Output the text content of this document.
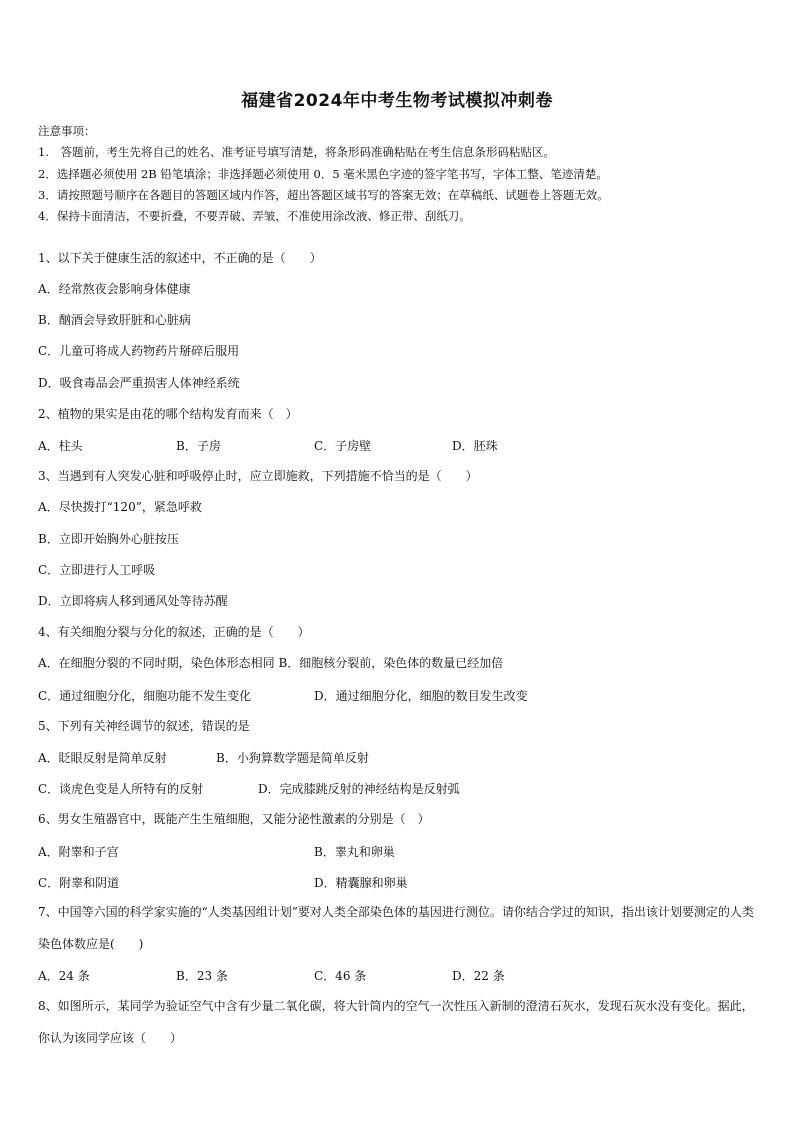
福建省2024年中考生物考试模拟冲刺卷
注意事项：
1.　答题前，考生先将自己的姓名、准考证号填写清楚，将条形码准确粘贴在考生信息条形码粘贴区。
2．选择题必须使用 2B 铅笔填涂；非选择题必须使用 0．5 毫米黑色字迹的签字笔书写，字体工整、笔迹清楚。
3．请按照题号顺序在各题目的答题区域内作答，超出答题区域书写的答案无效；在草稿纸、试题卷上答题无效。
4．保持卡面清洁，不要折叠，不要弄破、弄皱，不准使用涂改液、修正带、刮纸刀。
1、以下关于健康生活的叙述中，不正确的是（　　）
A．经常熬夜会影响身体健康
B．酗酒会导致肝脏和心脏病
C．儿童可将成人药物药片掰碎后服用
D．吸食毒品会严重损害人体神经系统
2、植物的果实是由花的哪个结构发育而来（　）
A．柱头	B．子房	C．子房壁	D．胚珠
3、当遇到有人突发心脏和呼吸停止时，应立即施救，下列措施不恰当的是（　　）
A．尽快拨打“120”，紧急呼救
B．立即开始胸外心脏按压
C．立即进行人工呼吸
D．立即将病人移到通风处等待苏醒
4、有关细胞分裂与分化的叙述，正确的是（　　）
A．在细胞分裂的不同时期，染色体形态相同 B．细胞核分裂前，染色体的数量已经加倍
C．通过细胞分化，细胞功能不发生变化	D．通过细胞分化，细胞的数目发生改变
5、下列有关神经调节的叙述，错误的是
A．眨眼反射是简单反射	B．小狗算数学题是简单反射
C．谈虎色变是人所特有的反射	D．完成膝跳反射的神经结构是反射弧
6、男女生殖器官中，既能产生生殖细胞，又能分泌性激素的分别是（　）
A．附睾和子宫	B．睾丸和卵巢
C．附睾和阴道	D．精囊腺和卵巢
7、中国等六国的科学家实施的“人类基因组计划”要对人类全部染色体的基因进行测位。请你结合学过的知识，指出该计划要测定的人类染色体数应是(　　)
A．24 条	B．23 条	C．46 条	D．22 条
8、如图所示，某同学为验证空气中含有少量二氧化碳，将大针筒内的空气一次性压入新制的澄清石灰水，发现石灰水没有变化。据此，你认为该同学应该（　　）
